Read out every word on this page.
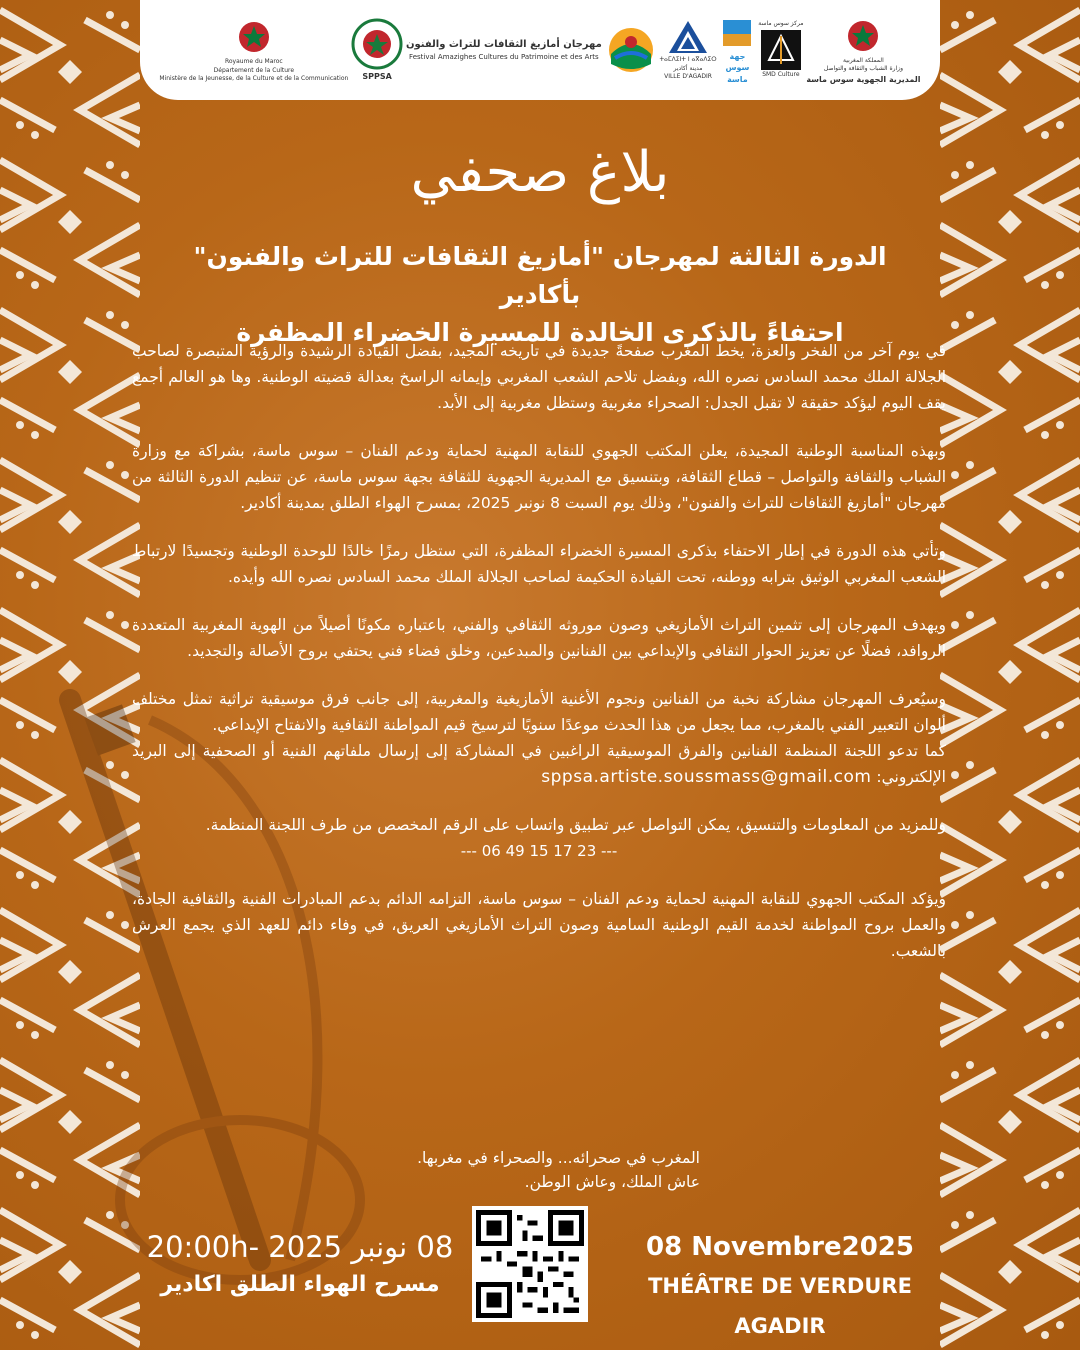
Royaume du Maroc
Département de la Culture
Ministère de la Jeunesse, de la Culture et de la Communication SPPSA
مهرجان أمازيغ الثقافات للتراث والفنون
Festival Amazighes Cultures du Patrimoine et des Arts	ⵜⴰⵎⴷⵉⵏⵜ ⵏ ⴰⴳⴰⴷⵉⵔ
مدينة أكادير
VILLE D'AGADIR
جهة
سوس
ماسة
مركز سوس ماسة
SMD Culture
المملكة المغربية
وزارة الشباب والثقافة والتواصل
المديرية الجهوية سوس ماسة
بلاغ صحفي
الدورة الثالثة لمهرجان "أمازيغ الثقافات للتراث والفنون" بأكادير
احتفاءً بالذكرى الخالدة للمسيرة الخضراء المظفرة

في يوم آخر من الفخر والعزة، يخط المغرب صفحةً جديدة في تاريخه المجيد، بفضل القيادة الرشيدة والرؤية المتبصرة لصاحب الجلالة الملك محمد السادس نصره الله، وبفضل تلاحم الشعب المغربي وإيمانه الراسخ بعدالة قضيته الوطنية. وها هو العالم أجمع يقف اليوم ليؤكد حقيقة لا تقبل الجدل: الصحراء مغربية وستظل مغربية إلى الأبد.

وبهذه المناسبة الوطنية المجيدة، يعلن المكتب الجهوي للنقابة المهنية لحماية ودعم الفنان – سوس ماسة، بشراكة مع وزارة الشباب والثقافة والتواصل – قطاع الثقافة، وبتنسيق مع المديرية الجهوية للثقافة بجهة سوس ماسة، عن تنظيم الدورة الثالثة من مهرجان "أمازيغ الثقافات للتراث والفنون"، وذلك يوم السبت 8 نونبر 2025، بمسرح الهواء الطلق بمدينة أكادير.

وتأتي هذه الدورة في إطار الاحتفاء بذكرى المسيرة الخضراء المظفرة، التي ستظل رمزًا خالدًا للوحدة الوطنية وتجسيدًا لارتباط الشعب المغربي الوثيق بترابه ووطنه، تحت القيادة الحكيمة لصاحب الجلالة الملك محمد السادس نصره الله وأيده.

ويهدف المهرجان إلى تثمين التراث الأمازيغي وصون موروثه الثقافي والفني، باعتباره مكونًا أصيلاً من الهوية المغربية المتعددة الروافد، فضلًا عن تعزيز الحوار الثقافي والإبداعي بين الفنانين والمبدعين، وخلق فضاء فني يحتفي بروح الأصالة والتجديد.

وسيُعرف المهرجان مشاركة نخبة من الفنانين ونجوم الأغنية الأمازيغية والمغربية، إلى جانب فرق موسيقية تراثية تمثل مختلف ألوان التعبير الفني بالمغرب، مما يجعل من هذا الحدث موعدًا سنويًا لترسيخ قيم المواطنة الثقافية والانفتاح الإبداعي.

كما تدعو اللجنة المنظمة الفنانين والفرق الموسيقية الراغبين في المشاركة إلى إرسال ملفاتهم الفنية أو الصحفية إلى البريد الإلكتروني: sppsa.artiste.soussmass@gmail.com

وللمزيد من المعلومات والتنسيق، يمكن التواصل عبر تطبيق واتساب على الرقم المخصص من طرف اللجنة المنظمة.

--- 06 49 15 17 23 ---

ويؤكد المكتب الجهوي للنقابة المهنية لحماية ودعم الفنان – سوس ماسة، التزامه الدائم بدعم المبادرات الفنية والثقافية الجادة، والعمل بروح المواطنة لخدمة القيم الوطنية السامية وصون التراث الأمازيغي العريق، في وفاء دائم للعهد الذي يجمع العرش بالشعب.

المغرب في صحرائه... والصحراء في مغربها.
عاش الملك، وعاش الوطن.
08 نونبر 2025 -20:00h
مسرح الهواء الطلق اكادير
08 Novembre2025
THÉÂTRE DE VERDURE AGADIR
